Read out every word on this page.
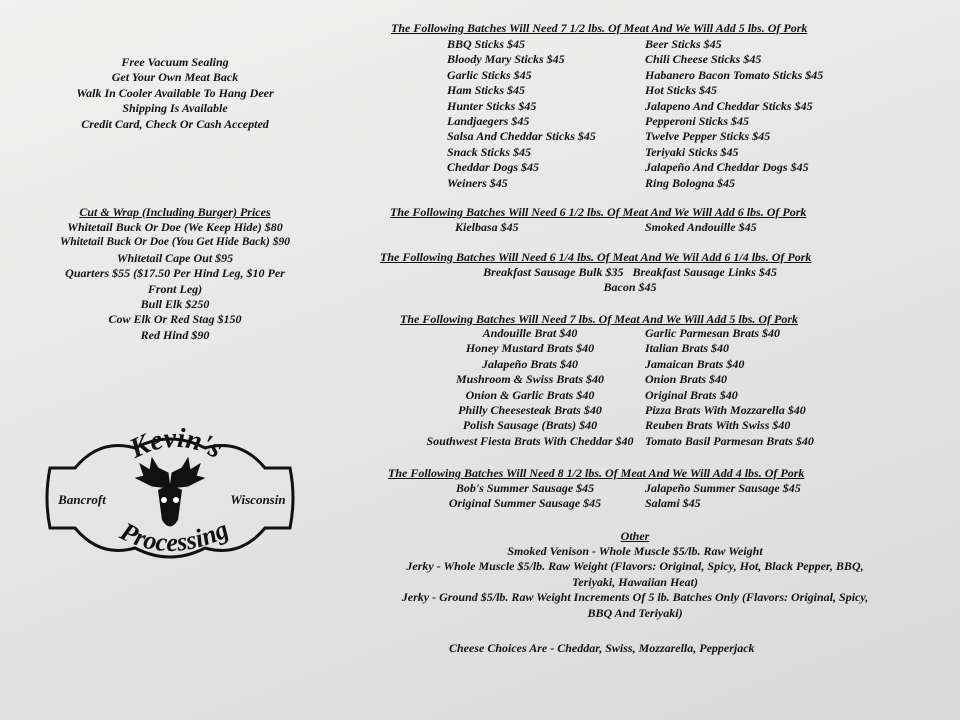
Free Vacuum Sealing
Get Your Own Meat Back
Walk In Cooler Available To Hang Deer
Shipping Is Available
Credit Card, Check Or Cash Accepted
Cut & Wrap (Including Burger) Prices
Whitetail Buck Or Doe (We Keep Hide) $80
Whitetail Buck Or Doe (You Get Hide Back) $90
Whitetail Cape Out $95
Quarters $55 ($17.50 Per Hind Leg, $10 Per
Front Leg)
Bull Elk $250
Cow Elk Or Red Stag $150
Red Hind $90
Kevin's
Processing
Bancroft	Wisconsin
The Following Batches Will Need 7 1/2 lbs. Of Meat And We Will Add 5 lbs. Of Pork
BBQ Sticks $45
Bloody Mary Sticks $45
Garlic Sticks $45
Ham Sticks $45
Hunter Sticks $45
Landjaegers $45
Salsa And Cheddar Sticks $45
Snack Sticks $45
Cheddar Dogs $45
Weiners $45
Beer Sticks $45
Chili Cheese Sticks $45
Habanero Bacon Tomato Sticks $45
Hot Sticks $45
Jalapeno And Cheddar Sticks $45
Pepperoni Sticks $45
Twelve Pepper Sticks $45
Teriyaki Sticks $45
Jalapeño And Cheddar Dogs $45
Ring Bologna $45
The Following Batches Will Need 6 1/2 lbs. Of Meat And We Will Add 6 lbs. Of Pork
Kielbasa $45	Smoked Andouille $45
The Following Batches Will Need 6 1/4 lbs. Of Meat And We Wil Add 6 1/4 lbs. Of Pork
Breakfast Sausage Bulk $35   Breakfast Sausage Links $45
Bacon $45
The Following Batches Will Need 7 lbs. Of Meat And We Will Add 5 lbs. Of Pork
Andouille Brat $40
Honey Mustard Brats $40
Jalapeño Brats $40
Mushroom & Swiss Brats $40
Onion & Garlic Brats $40
Philly Cheesesteak Brats $40
Polish Sausage (Brats) $40
Southwest Fiesta Brats With Cheddar $40
Garlic Parmesan Brats $40
Italian Brats $40
Jamaican Brats $40
Onion Brats $40
Original Brats $40
Pizza Brats With Mozzarella $40
Reuben Brats With Swiss $40
Tomato Basil Parmesan Brats $40
The Following Batches Will Need 8 1/2 lbs. Of Meat And We Will Add 4 lbs. Of Pork
Bob's Summer Sausage $45
Original Summer Sausage $45
Jalapeño Summer Sausage $45
Salami $45
Other
Smoked Venison - Whole Muscle $5/lb. Raw Weight
Jerky - Whole Muscle $5/lb. Raw Weight (Flavors: Original, Spicy, Hot, Black Pepper, BBQ,
Teriyaki, Hawaiian Heat)
Jerky - Ground $5/lb. Raw Weight Increments Of 5 lb. Batches Only (Flavors: Original, Spicy,
BBQ And Teriyaki)
Cheese Choices Are - Cheddar, Swiss, Mozzarella, Pepperjack
